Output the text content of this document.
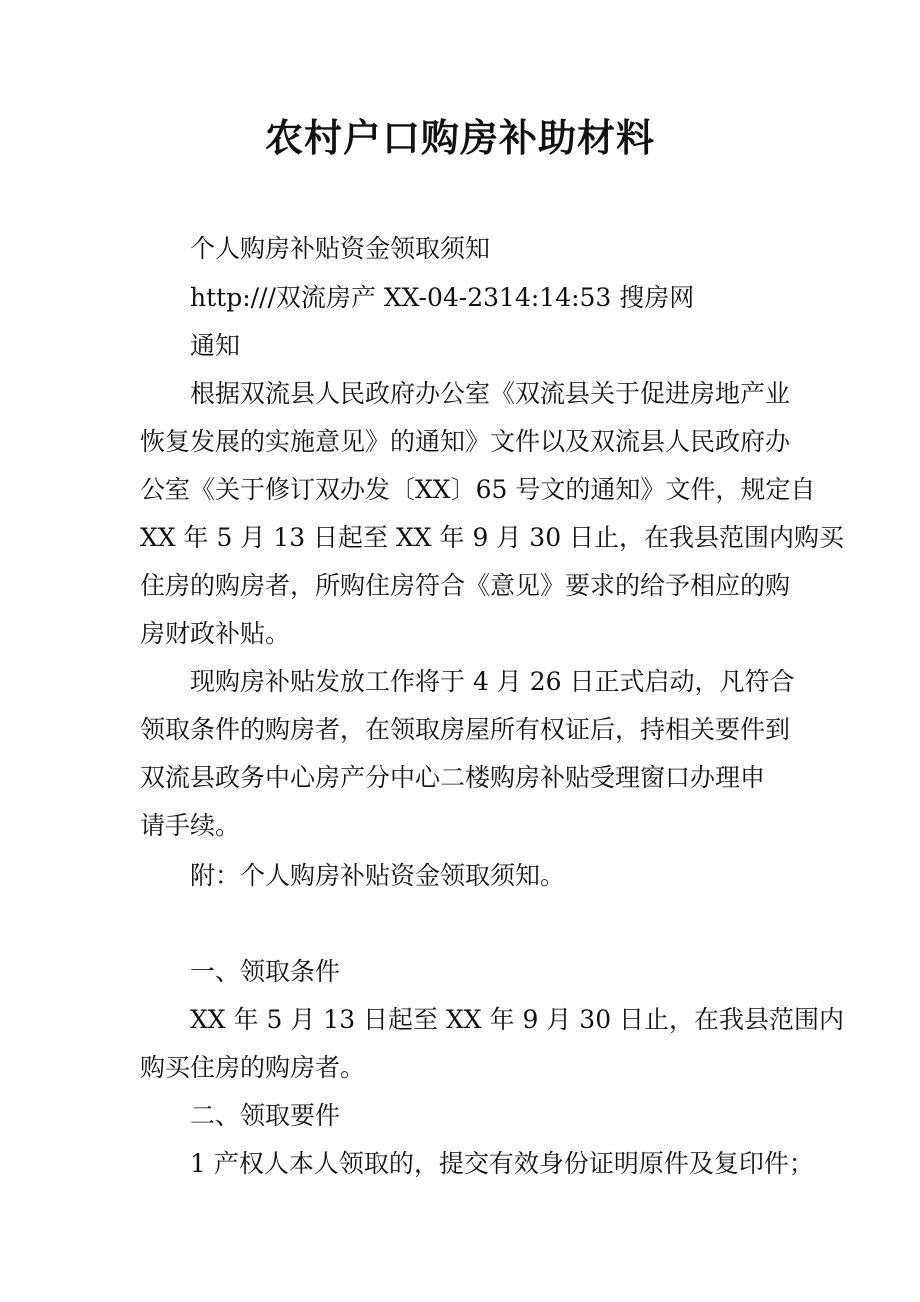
农村户口购房补助材料
个人购房补贴资金领取须知
http:///双流房产 XX-04-2314:14:53 搜房网
通知
根据双流县人民政府办公室《双流县关于促进房地产业
恢复发展的实施意见》的通知》文件以及双流县人民政府办
公室《关于修订双办发〔XX〕65 号文的通知》文件，规定自
XX 年 5 月 13 日起至 XX 年 9 月 30 日止，在我县范围内购买
住房的购房者，所购住房符合《意见》要求的给予相应的购
房财政补贴。
现购房补贴发放工作将于 4 月 26 日正式启动，凡符合
领取条件的购房者，在领取房屋所有权证后，持相关要件到
双流县政务中心房产分中心二楼购房补贴受理窗口办理申
请手续。
附：个人购房补贴资金领取须知。
一、领取条件
XX 年 5 月 13 日起至 XX 年 9 月 30 日止，在我县范围内
购买住房的购房者。
二、领取要件
1 产权人本人领取的，提交有效身份证明原件及复印件；
